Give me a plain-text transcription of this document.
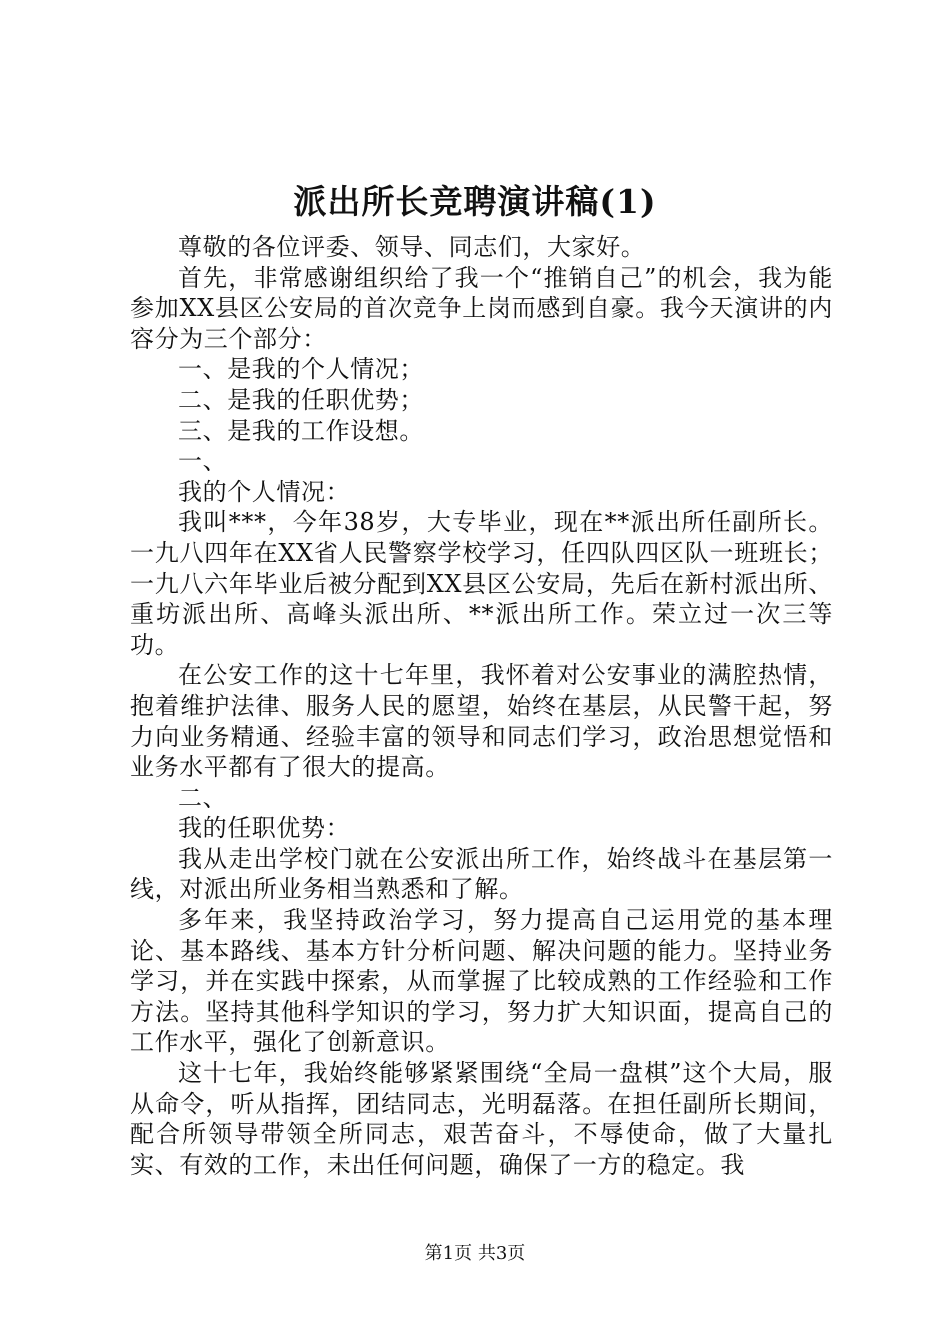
派出所长竞聘演讲稿(1)

尊敬的各位评委、领导、同志们，大家好。

首先，非常感谢组织给了我一个“推销自己”的机会，我为能参加XX县区公安局的首次竞争上岗而感到自豪。我今天演讲的内容分为三个部分：

一、是我的个人情况；

二、是我的任职优势；

三、是我的工作设想。

一、

我的个人情况：

我叫***，今年38岁，大专毕业，现在**派出所任副所长。一九八四年在XX省人民警察学校学习，任四队四区队一班班长；一九八六年毕业后被分配到XX县区公安局，先后在新村派出所、重坊派出所、高峰头派出所、**派出所工作。荣立过一次三等功。

在公安工作的这十七年里，我怀着对公安事业的满腔热情，抱着维护法律、服务人民的愿望，始终在基层，从民警干起，努力向业务精通、经验丰富的领导和同志们学习，政治思想觉悟和业务水平都有了很大的提高。

二、

我的任职优势：

我从走出学校门就在公安派出所工作，始终战斗在基层第一线，对派出所业务相当熟悉和了解。

多年来，我坚持政治学习，努力提高自己运用党的基本理论、基本路线、基本方针分析问题、解决问题的能力。坚持业务学习，并在实践中探索，从而掌握了比较成熟的工作经验和工作方法。坚持其他科学知识的学习，努力扩大知识面，提高自己的工作水平，强化了创新意识。

这十七年，我始终能够紧紧围绕“全局一盘棋”这个大局，服从命令，听从指挥，团结同志，光明磊落。在担任副所长期间，配合所领导带领全所同志，艰苦奋斗，不辱使命，做了大量扎实、有效的工作，未出任何问题，确保了一方的稳定。我

第1页 共3页
